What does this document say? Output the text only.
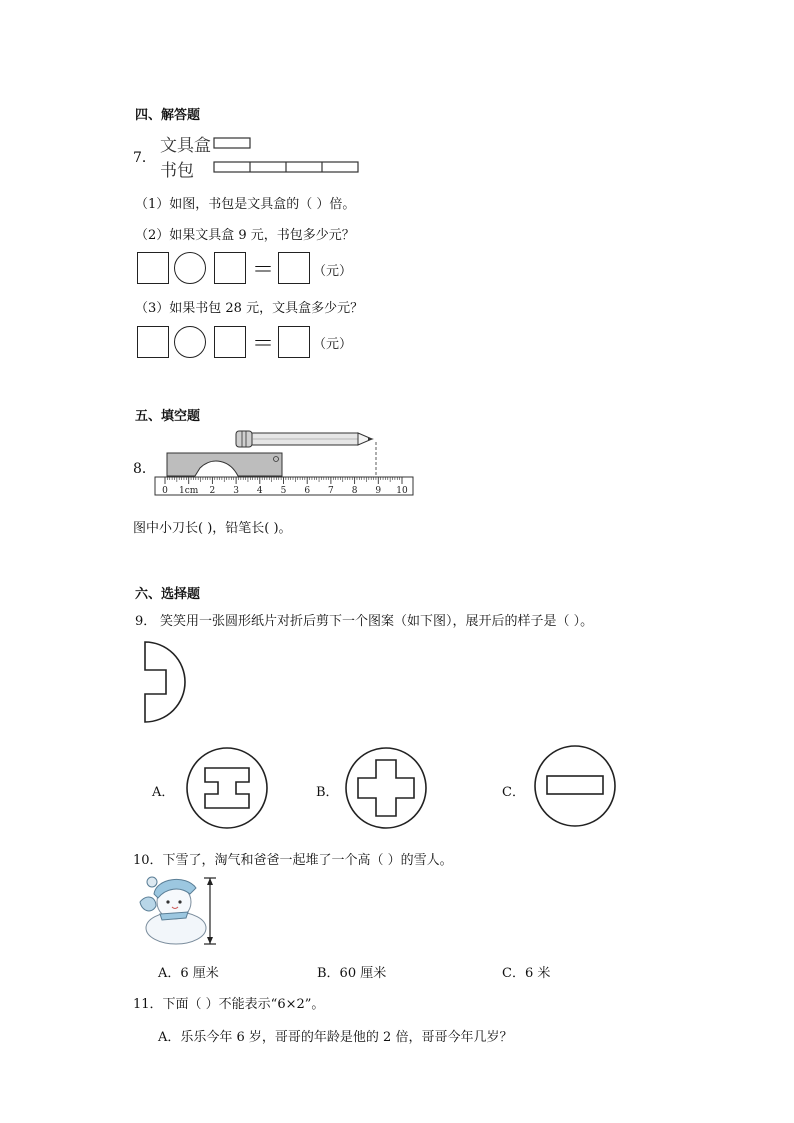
四、解答题
7．
文具盒
书包
（1）如图，书包是文具盒的（ ）倍。
（2）如果文具盒 9 元，书包多少元？
＝	（元）
（3）如果书包 28 元，文具盒多少元？
＝	（元）
五、填空题
8．
0 1cm 2 3 4 5 6 7 8 9 10
图中小刀长( )，铅笔长( )。
六、选择题
9． 笑笑用一张圆形纸片对折后剪下一个图案（如下图），展开后的样子是（ ）。
A．	B．	C．
10．下雪了，淘气和爸爸一起堆了一个高（ ）的雪人。
A．6 厘米	B．60 厘米	C．6 米
11．下面（ ）不能表示“6×2”。
A．乐乐今年 6 岁，哥哥的年龄是他的 2 倍，哥哥今年几岁？
